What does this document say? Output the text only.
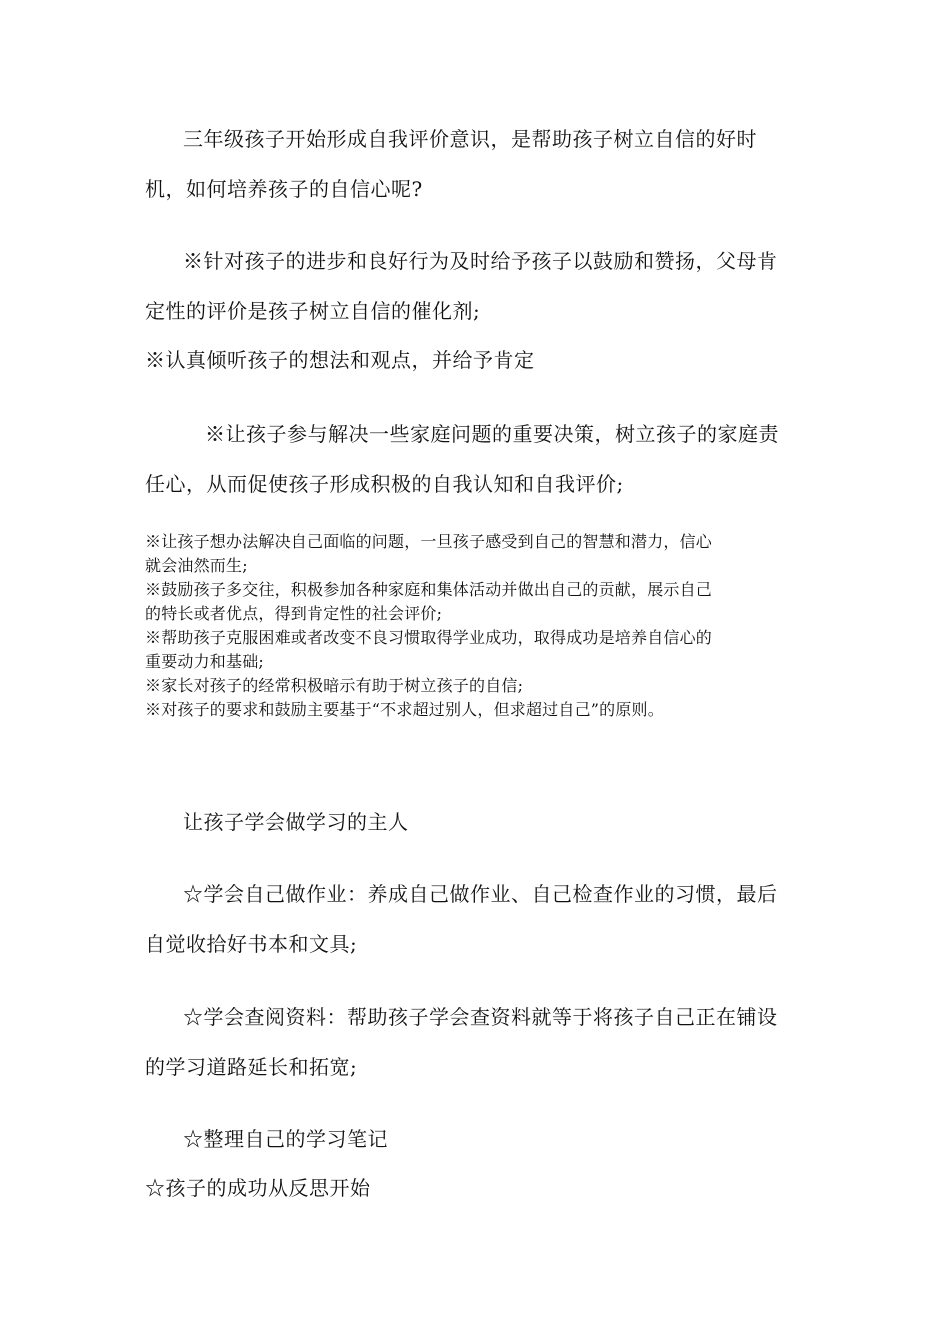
三年级孩子开始形成自我评价意识，是帮助孩子树立自信的好时
机，如何培养孩子的自信心呢?
※针对孩子的进步和良好行为及时给予孩子以鼓励和赞扬，父母肯
定性的评价是孩子树立自信的催化剂;
※认真倾听孩子的想法和观点，并给予肯定
※让孩子参与解决一些家庭问题的重要决策，树立孩子的家庭责
任心，从而促使孩子形成积极的自我认知和自我评价;
※让孩子想办法解决自己面临的问题，一旦孩子感受到自己的智慧和潜力，信心
就会油然而生;
※鼓励孩子多交往，积极参加各种家庭和集体活动并做出自己的贡献，展示自己
的特长或者优点，得到肯定性的社会评价;
※帮助孩子克服困难或者改变不良习惯取得学业成功，取得成功是培养自信心的
重要动力和基础;
※家长对孩子的经常积极暗示有助于树立孩子的自信;
※对孩子的要求和鼓励主要基于“不求超过别人，但求超过自己”的原则。
让孩子学会做学习的主人
☆学会自己做作业：养成自己做作业、自己检查作业的习惯，最后
自觉收拾好书本和文具;
☆学会查阅资料：帮助孩子学会查资料就等于将孩子自己正在铺设
的学习道路延长和拓宽;
☆整理自己的学习笔记
☆孩子的成功从反思开始
